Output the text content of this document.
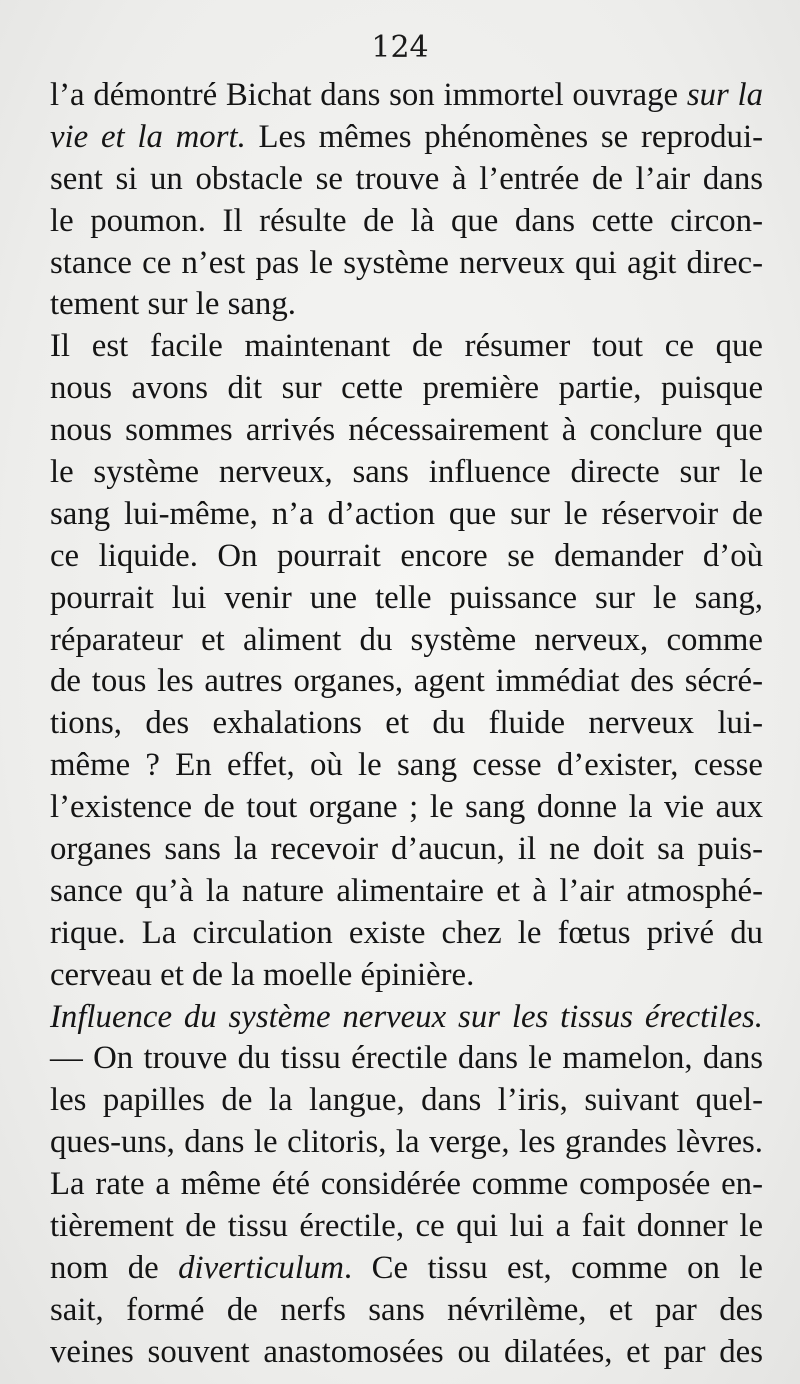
124

l’a démontré Bichat dans son immortel ouvrage sur la
vie et la mort. Les mêmes phénomènes se reprodui-
sent si un obstacle se trouve à l’entrée de l’air dans
le poumon. Il résulte de là que dans cette circon-
stance ce n’est pas le système nerveux qui agit direc-
tement sur le sang.
Il est facile maintenant de résumer tout ce que
nous avons dit sur cette première partie, puisque
nous sommes arrivés nécessairement à conclure que
le système nerveux, sans influence directe sur le
sang lui-même, n’a d’action que sur le réservoir de
ce liquide. On pourrait encore se demander d’où
pourrait lui venir une telle puissance sur le sang,
réparateur et aliment du système nerveux, comme
de tous les autres organes, agent immédiat des sécré-
tions, des exhalations et du fluide nerveux lui-
même ? En effet, où le sang cesse d’exister, cesse
l’existence de tout organe ; le sang donne la vie aux
organes sans la recevoir d’aucun, il ne doit sa puis-
sance qu’à la nature alimentaire et à l’air atmosphé-
rique. La circulation existe chez le fœtus privé du
cerveau et de la moelle épinière.
Influence du système nerveux sur les tissus érectiles.
— On trouve du tissu érectile dans le mamelon, dans
les papilles de la langue, dans l’iris, suivant quel-
ques-uns, dans le clitoris, la verge, les grandes lèvres.
La rate a même été considérée comme composée en-
tièrement de tissu érectile, ce qui lui a fait donner le
nom de diverticulum. Ce tissu est, comme on le
sait, formé de nerfs sans névrilème, et par des
veines souvent anastomosées ou dilatées, et par des
